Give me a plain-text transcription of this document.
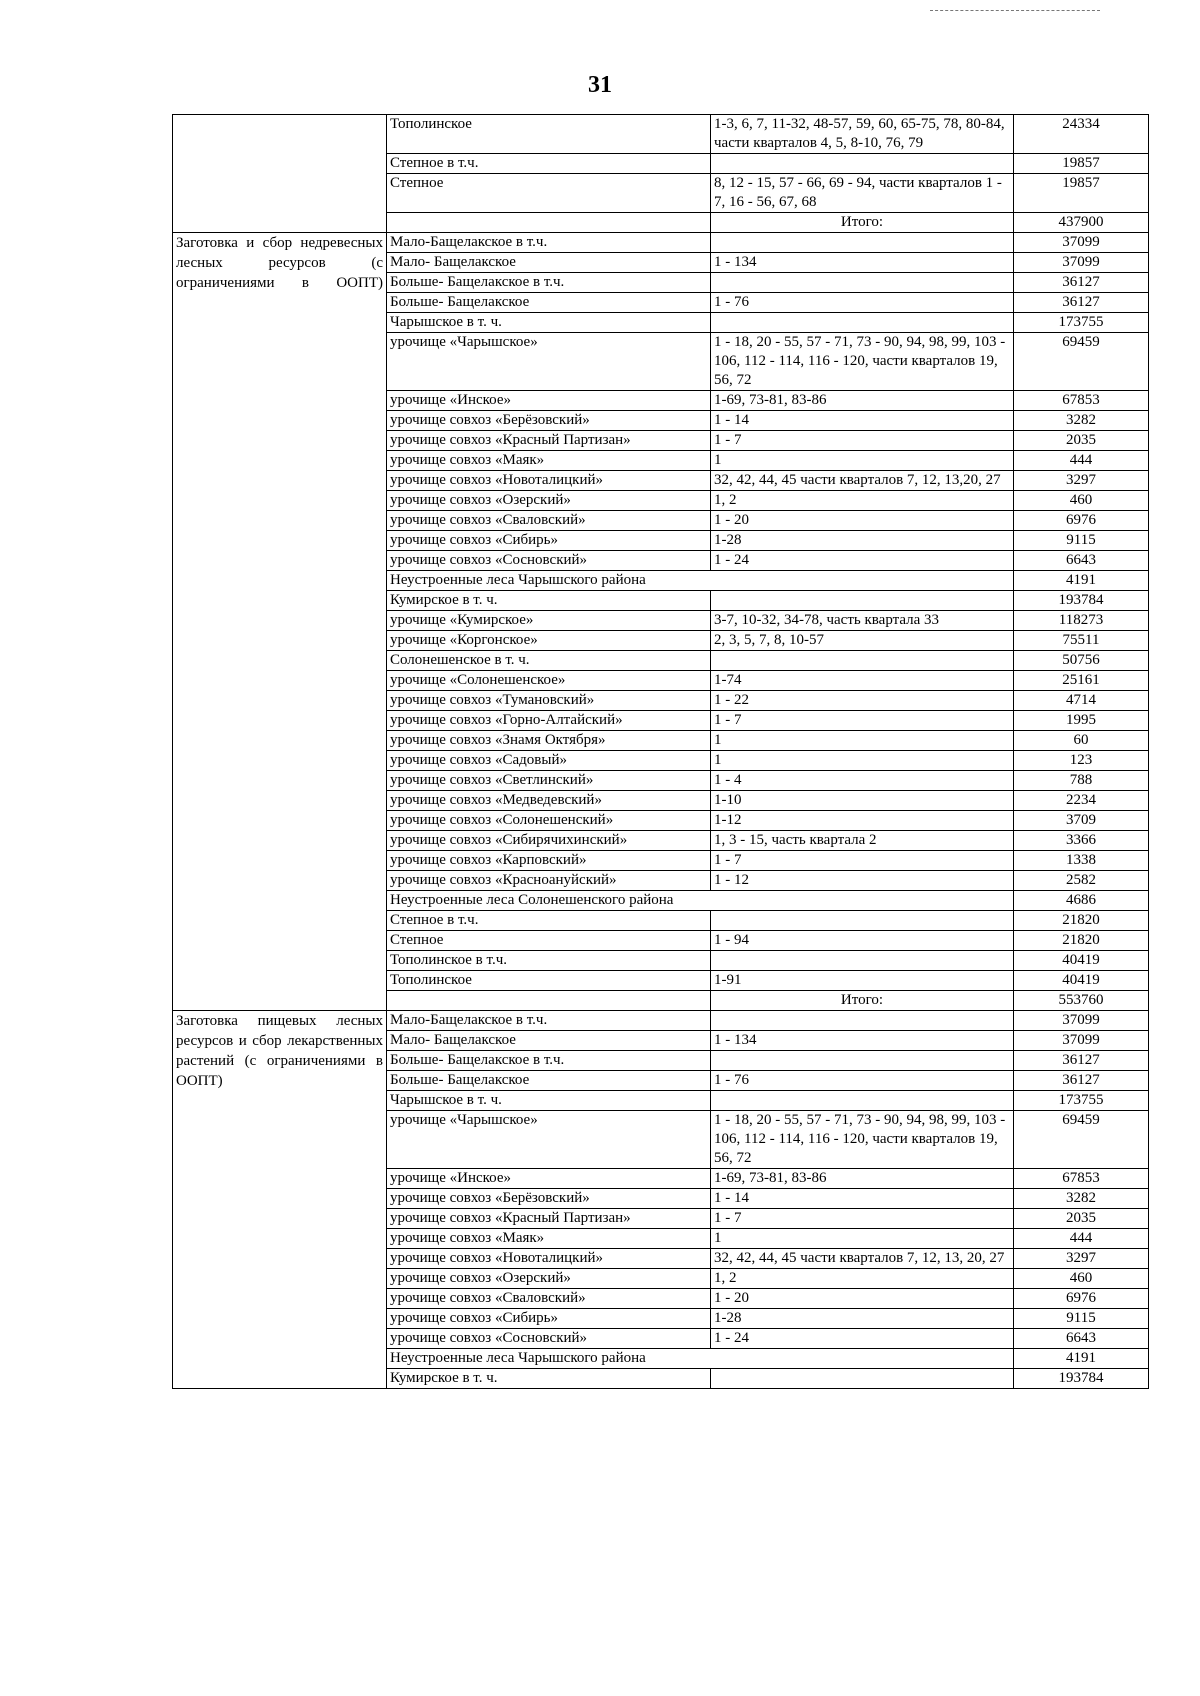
31
	Тополинское	1-3, 6, 7, 11-32, 48-57, 59, 60, 65-75, 78, 80-84, части кварталов 4, 5, 8-10, 76, 79	24334
	Степное в т.ч.		19857
	Степное	8, 12 - 15, 57 - 66, 69 - 94, части кварталов 1 - 7, 16 - 56, 67, 68	19857
		Итого:	437900
Заготовка и сбор недревесных лесных ресурсов (с ограничениями в ООПТ)	Мало-Бащелакское в т.ч.		37099
	Мало- Бащелакское	1 - 134	37099
	Больше- Бащелакское в т.ч.		36127
	Больше- Бащелакское	1 - 76	36127
	Чарышское в т. ч.		173755
	урочище «Чарышское»	1 - 18, 20 - 55, 57 - 71, 73 - 90, 94, 98, 99, 103 - 106, 112 - 114, 116 - 120, части кварталов 19, 56, 72	69459
	урочище «Инское»	1-69, 73-81, 83-86	67853
	урочище совхоз «Берёзовский»	1 - 14	3282
	урочище совхоз «Красный Партизан»	1 - 7	2035
	урочище совхоз «Маяк»	1	444
	урочище совхоз «Новоталицкий»	32, 42, 44, 45 части кварталов 7, 12, 13,20, 27	3297
	урочище совхоз «Озерский»	1, 2	460
	урочище совхоз «Сваловский»	1 - 20	6976
	урочище совхоз «Сибирь»	1-28	9115
	урочище совхоз «Сосновский»	1 - 24	6643
	Неустроенные леса Чарышского района		4191
	Кумирское в т. ч.		193784
	урочище «Кумирское»	3-7, 10-32, 34-78, часть квартала 33	118273
	урочище «Коргонское»	2, 3, 5, 7, 8, 10-57	75511
	Солонешенское в т. ч.		50756
	урочище «Солонешенское»	1-74	25161
	урочище совхоз «Тумановский»	1 - 22	4714
	урочище совхоз «Горно-Алтайский»	1 - 7	1995
	урочище совхоз «Знамя Октября»	1	60
	урочище совхоз «Садовый»	1	123
	урочище совхоз «Светлинский»	1 - 4	788
	урочище совхоз «Медведевский»	1-10	2234
	урочище совхоз «Солонешенский»	1-12	3709
	урочище совхоз «Сибирячихинский»	1, 3 - 15, часть квартала 2	3366
	урочище совхоз «Карповский»	1 - 7	1338
	урочище совхоз «Красноануйский»	1 - 12	2582
	Неустроенные леса Солонешенского района		4686
	Степное в т.ч.		21820
	Степное	1 - 94	21820
	Тополинское в т.ч.		40419
	Тополинское	1-91	40419
		Итого:	553760
Заготовка пищевых лесных ресурсов и сбор лекарственных растений (с ограничениями в ООПТ)	Мало-Бащелакское в т.ч.		37099
	Мало- Бащелакское	1 - 134	37099
	Больше- Бащелакское в т.ч.		36127
	Больше- Бащелакское	1 - 76	36127
	Чарышское в т. ч.		173755
	урочище «Чарышское»	1 - 18, 20 - 55, 57 - 71, 73 - 90, 94, 98, 99, 103 - 106, 112 - 114, 116 - 120, части кварталов 19, 56, 72	69459
	урочище «Инское»	1-69, 73-81, 83-86	67853
	урочище совхоз «Берёзовский»	1 - 14	3282
	урочище совхоз «Красный Партизан»	1 - 7	2035
	урочище совхоз «Маяк»	1	444
	урочище совхоз «Новоталицкий»	32, 42, 44, 45 части кварталов 7, 12, 13, 20, 27	3297
	урочище совхоз «Озерский»	1, 2	460
	урочище совхоз «Сваловский»	1 - 20	6976
	урочище совхоз «Сибирь»	1-28	9115
	урочище совхоз «Сосновский»	1 - 24	6643
	Неустроенные леса Чарышского района		4191
	Кумирское в т. ч.		193784
